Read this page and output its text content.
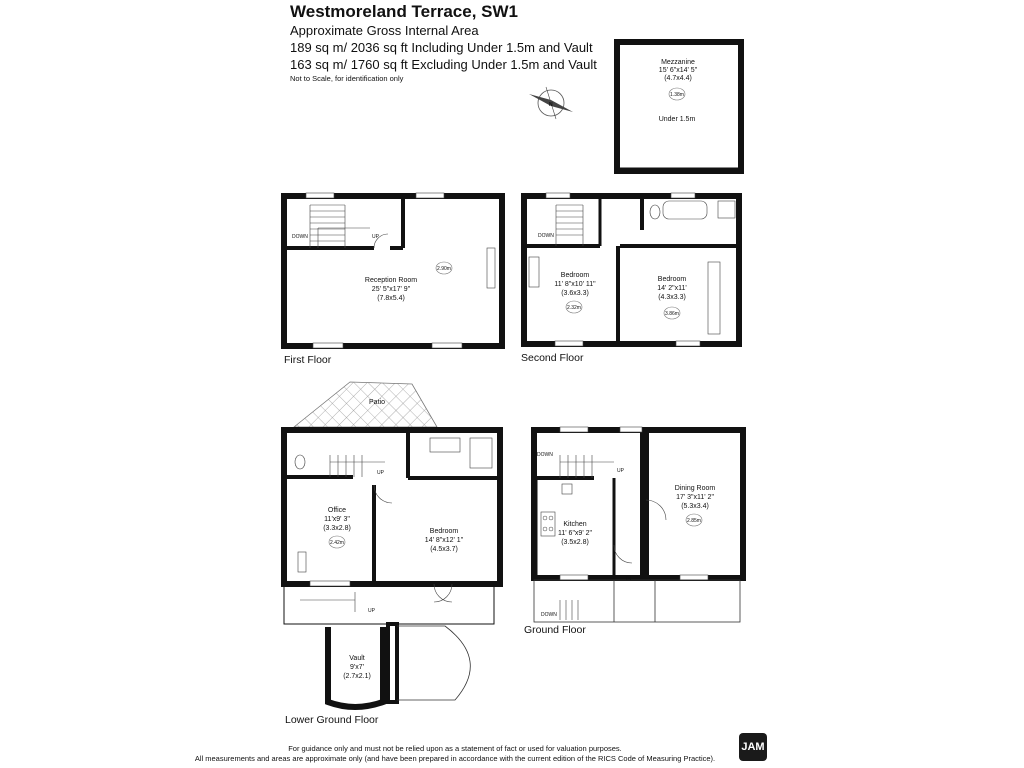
Westmoreland Terrace, SW1
Approximate Gross Internal Area
189 sq m/ 2036 sq ft Including Under 1.5m and Vault
163 sq m/ 1760 sq ft Excluding Under 1.5m and Vault
Not to Scale, for identification only
N
Mezzanine
15' 6"x14' 5"
(4.7x4.4)
1.38m
Under 1.5m
DOWN	UP
Reception Room
25' 5"x17' 9"
(7.8x5.4)
2.90m
First Floor
DOWN
Bedroom
11' 8"x10' 11"
(3.6x3.3)
2.32m
Bedroom
14' 2"x11'
(4.3x3.3)
3.86m
Second Floor
Patio
UP
UP
Office
11'x9' 3"
(3.3x2.8)
2.42m
Bedroom
14' 8"x12' 1"
(4.5x3.7)
Vault
9'x7'
(2.7x2.1)
Lower Ground Floor
DOWN
UP
DOWN
IN
Kitchen
11' 6"x9' 2"
(3.5x2.8)
Dining Room
17' 3"x11' 2"
(5.3x3.4)
2.85m
Ground Floor
For guidance only and must not be relied upon as a statement of fact or used for valuation purposes.
All measurements and areas are approximate only (and have been prepared in accordance with the current edition of the RICS Code of Measuring Practice).
JAM
